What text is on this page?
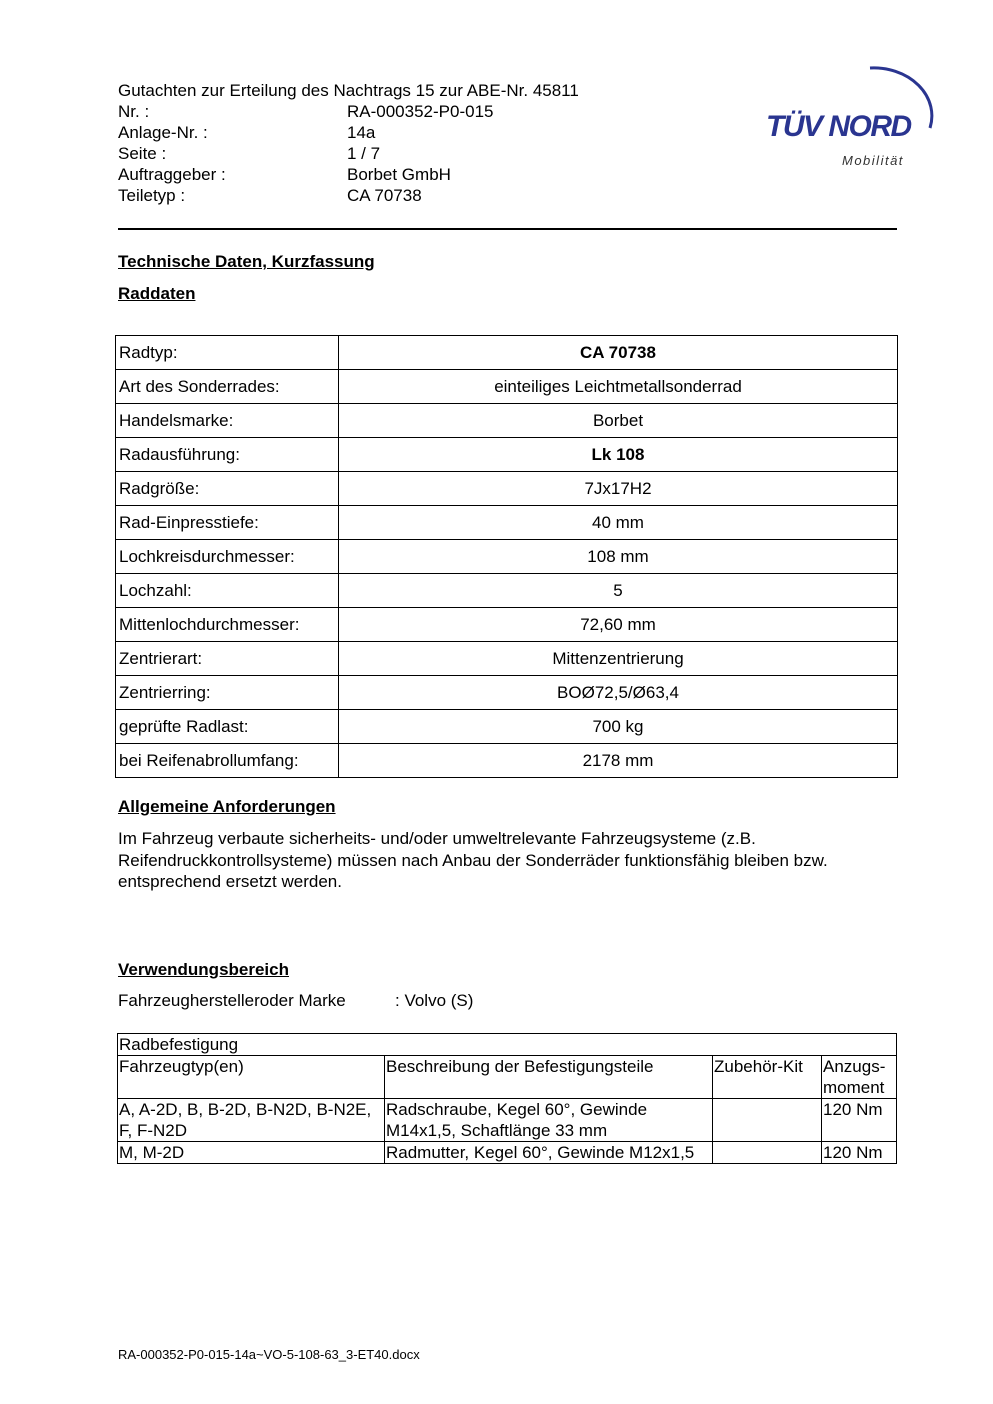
Gutachten zur Erteilung des Nachtrags 15 zur ABE-Nr. 45811
Nr. :	RA-000352-P0-015
Anlage-Nr. :	14a
Seite :	1 / 7
Auftraggeber :	Borbet GmbH
Teiletyp :	CA 70738
TÜV NORD
Mobilität
Technische Daten, Kurzfassung
Raddaten
Radtyp:	CA 70738
Art des Sonderrades:	einteiliges Leichtmetallsonderrad
Handelsmarke:	Borbet
Radausführung:	Lk 108
Radgröße:	7Jx17H2
Rad-Einpresstiefe:	40 mm
Lochkreisdurchmesser:	108 mm
Lochzahl:	5
Mittenlochdurchmesser:	72,60 mm
Zentrierart:	Mittenzentrierung
Zentrierring:	BOØ72,5/Ø63,4
geprüfte Radlast:	700 kg
bei Reifenabrollumfang:	2178 mm
Allgemeine Anforderungen
Im Fahrzeug verbaute sicherheits- und/oder umweltrelevante Fahrzeugsysteme (z.B. Reifendruckkontrollsysteme) müssen nach Anbau der Sonderräder funktionsfähig bleiben bzw. entsprechend ersetzt werden.
Verwendungsbereich
Fahrzeugherstelleroder Marke	: Volvo (S)
Radbefestigung			
Fahrzeugtyp(en)	Beschreibung der Befestigungsteile	Zubehör-Kit	Anzugs-moment
A, A-2D, B, B-2D, B-N2D, B-N2E, F, F-N2D	Radschraube, Kegel 60°, Gewinde M14x1,5, Schaftlänge 33 mm		120 Nm
M, M-2D	Radmutter, Kegel 60°, Gewinde M12x1,5		120 Nm
RA-000352-P0-015-14a~VO-5-108-63_3-ET40.docx
